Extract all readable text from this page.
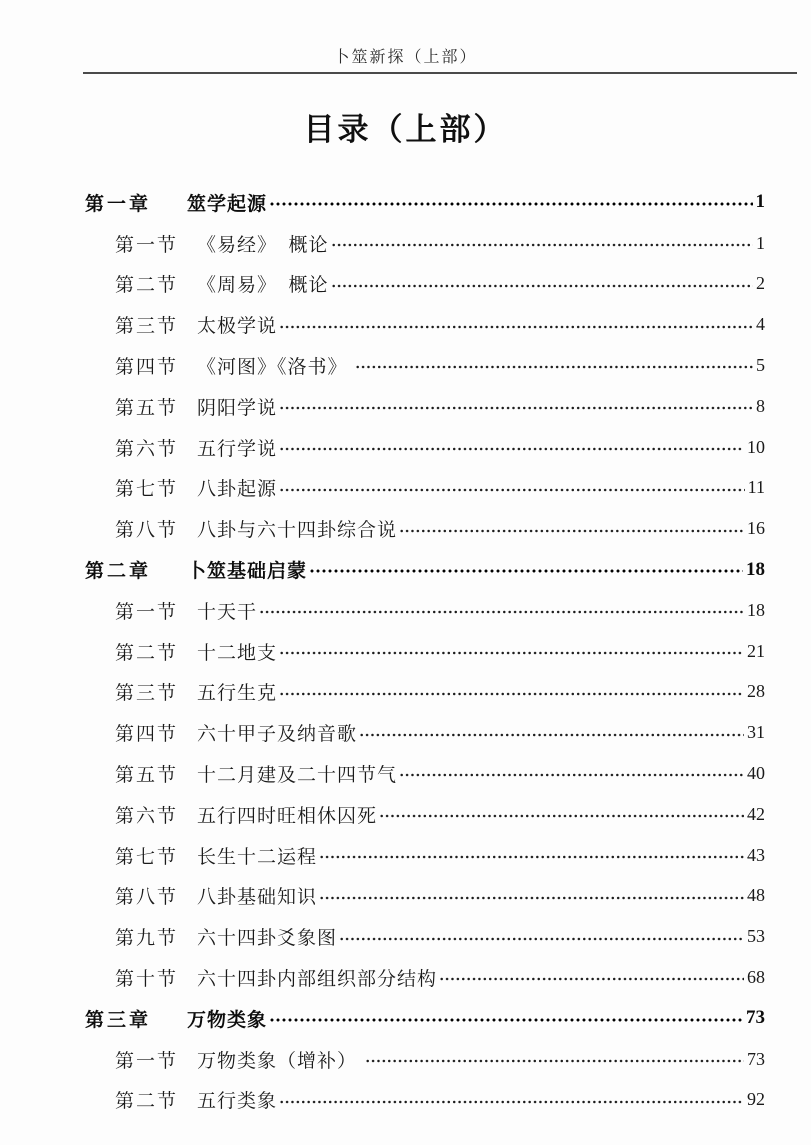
卜筮新探（上部）
目录（上部）
第一章	筮学起源	1
第一节 《易经》  概论	1
第二节 《周易》  概论	2
第三节 太极学说	4
第四节 《河图》《洛书》	5
第五节 阴阳学说	8
第六节 五行学说	10
第七节 八卦起源	11
第八节 八卦与六十四卦综合说	16
第二章	卜筮基础启蒙	18
第一节 十天干	18
第二节 十二地支	21
第三节 五行生克	28
第四节 六十甲子及纳音歌	31
第五节 十二月建及二十四节气	40
第六节 五行四时旺相休囚死	42
第七节 长生十二运程	43
第八节 八卦基础知识	48
第九节 六十四卦爻象图	53
第十节 六十四卦内部组织部分结构	68
第三章	万物类象	73
第一节 万物类象（增补）	73
第二节 五行类象	92
